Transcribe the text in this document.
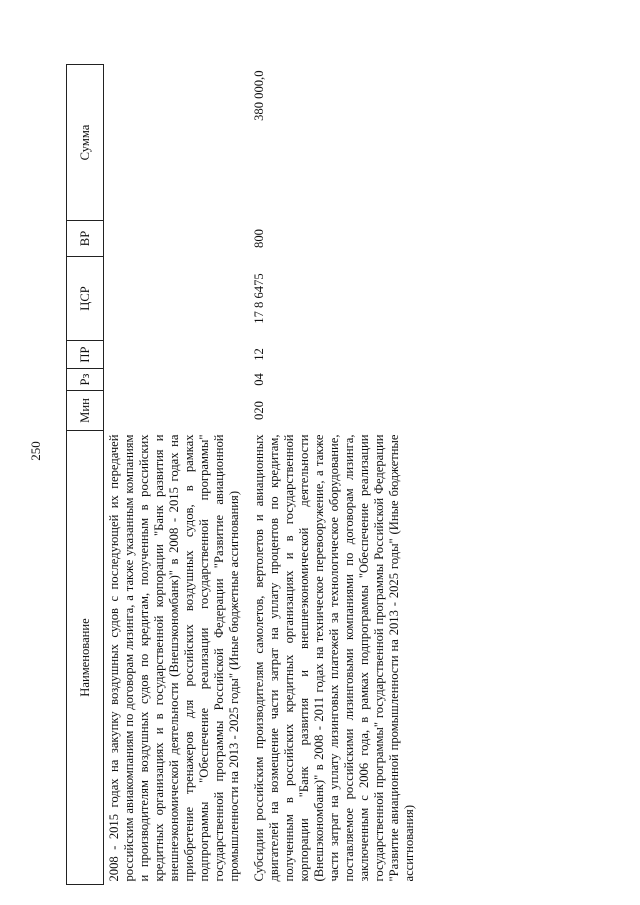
250
Наименование	Мин	Рз	ПР	ЦСР	ВР	Сумма
2008 - 2015 годах на закупку воздушных судов с последующей их передачей российским авиакомпаниям по договорам лизинга, а также указанным компаниям и производителям воздушных судов по кредитам, полученным в российских кредитных организациях и в государственной корпорации "Банк развития и внешнеэкономической деятельности (Внешэкономбанк)" в 2008 - 2015 годах на приобретение тренажеров для российских воздушных судов, в рамках подпрограммы "Обеспечение реализации государственной программы" государственной программы Российской Федерации "Развитие авиационной промышленности на 2013 - 2025 годы" (Иные бюджетные ассигнования)						
Субсидии российским производителям самолетов, вертолетов и авиационных двигателей на возмещение части затрат на уплату процентов по кредитам, полученным в российских кредитных организациях и в государственной корпорации "Банк развития и внешнеэкономической деятельности (Внешэкономбанк)" в 2008 - 2011 годах на техническое перевооружение, а также части затрат на уплату лизинговых платежей за технологическое оборудование, поставляемое российскими лизинговыми компаниями по договорам лизинга, заключенным с 2006 года, в рамках подпрограммы "Обеспечение реализации государственной программы" государственной программы Российской Федерации "Развитие авиационной промышленности на 2013 - 2025 годы" (Иные бюджетные ассигнования)	020	04	12	17 8 6475	800	380 000,0
